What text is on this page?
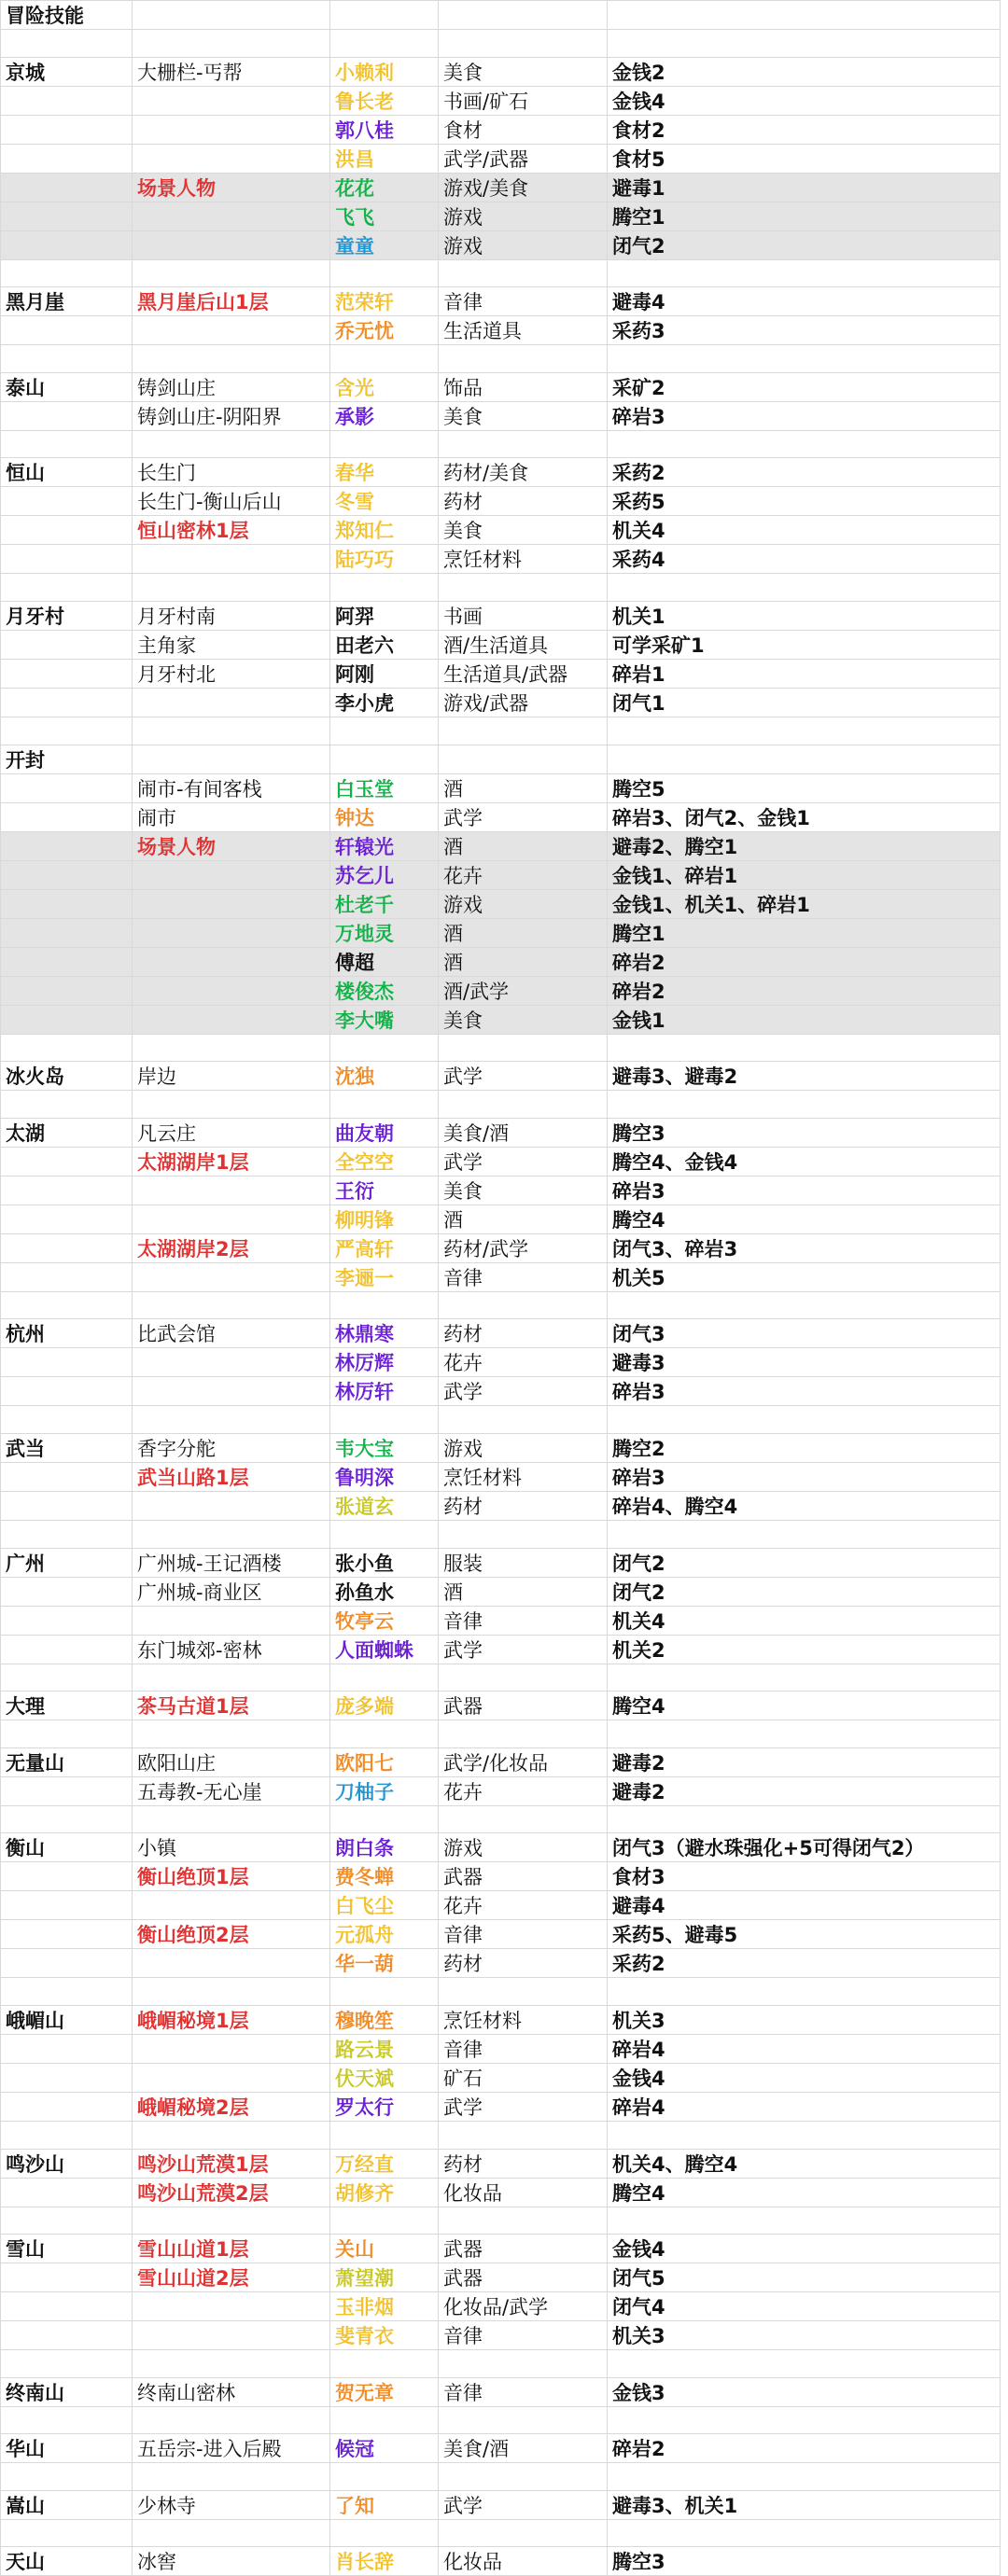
冒险技能				

京城	大栅栏-丐帮	小赖利	美食	金钱2
		鲁长老	书画/矿石	金钱4
		郭八桂	食材	食材2
		洪昌	武学/武器	食材5
	场景人物	花花	游戏/美食	避毒1
		飞飞	游戏	腾空1
		童童	游戏	闭气2

黑月崖	黑月崖后山1层	范荣轩	音律	避毒4
		乔无忧	生活道具	采药3

泰山	铸剑山庄	含光	饰品	采矿2
	铸剑山庄-阴阳界	承影	美食	碎岩3

恒山	长生门	春华	药材/美食	采药2
	长生门-衡山后山	冬雪	药材	采药5
	恒山密林1层	郑知仁	美食	机关4
		陆巧巧	烹饪材料	采药4

月牙村	月牙村南	阿羿	书画	机关1
	主角家	田老六	酒/生活道具	可学采矿1
	月牙村北	阿刚	生活道具/武器	碎岩1
		李小虎	游戏/武器	闭气1

开封				
	闹市-有间客栈	白玉堂	酒	腾空5
	闹市	钟达	武学	碎岩3、闭气2、金钱1
	场景人物	轩辕光	酒	避毒2、腾空1
		苏乞儿	花卉	金钱1、碎岩1
		杜老千	游戏	金钱1、机关1、碎岩1
		万地灵	酒	腾空1
		傅超	酒	碎岩2
		楼俊杰	酒/武学	碎岩2
		李大嘴	美食	金钱1

冰火岛	岸边	沈独	武学	避毒3、避毒2

太湖	凡云庄	曲友朝	美食/酒	腾空3
	太湖湖岸1层	全空空	武学	腾空4、金钱4
		王衍	美食	碎岩3
		柳明锋	酒	腾空4
	太湖湖岸2层	严高轩	药材/武学	闭气3、碎岩3
		李逦一	音律	机关5

杭州	比武会馆	林鼎寒	药材	闭气3
		林厉辉	花卉	避毒3
		林厉轩	武学	碎岩3

武当	香字分舵	韦大宝	游戏	腾空2
	武当山路1层	鲁明深	烹饪材料	碎岩3
		张道玄	药材	碎岩4、腾空4

广州	广州城-王记酒楼	张小鱼	服装	闭气2
	广州城-商业区	孙鱼水	酒	闭气2
		牧亭云	音律	机关4
	东门城郊-密林	人面蜘蛛	武学	机关2

大理	茶马古道1层	庞多端	武器	腾空4

无量山	欧阳山庄	欧阳七	武学/化妆品	避毒2
	五毒教-无心崖	刀柚子	花卉	避毒2

衡山	小镇	朗白条	游戏	闭气3（避水珠强化+5可得闭气2）
	衡山绝顶1层	费冬蝉	武器	食材3
		白飞尘	花卉	避毒4
	衡山绝顶2层	元孤舟	音律	采药5、避毒5
		华一葫	药材	采药2

峨嵋山	峨嵋秘境1层	穆晚笙	烹饪材料	机关3
		路云景	音律	碎岩4
		伏天斌	矿石	金钱4
	峨嵋秘境2层	罗太行	武学	碎岩4

鸣沙山	鸣沙山荒漠1层	万经直	药材	机关4、腾空4
	鸣沙山荒漠2层	胡修齐	化妆品	腾空4

雪山	雪山山道1层	关山	武器	金钱4
	雪山山道2层	萧望潮	武器	闭气5
		玉非烟	化妆品/武学	闭气4
		斐青衣	音律	机关3

终南山	终南山密林	贺无章	音律	金钱3

华山	五岳宗-进入后殿	候冠	美食/酒	碎岩2

嵩山	少林寺	了知	武学	避毒3、机关1

天山	冰窖	肖长辞	化妆品	腾空3
